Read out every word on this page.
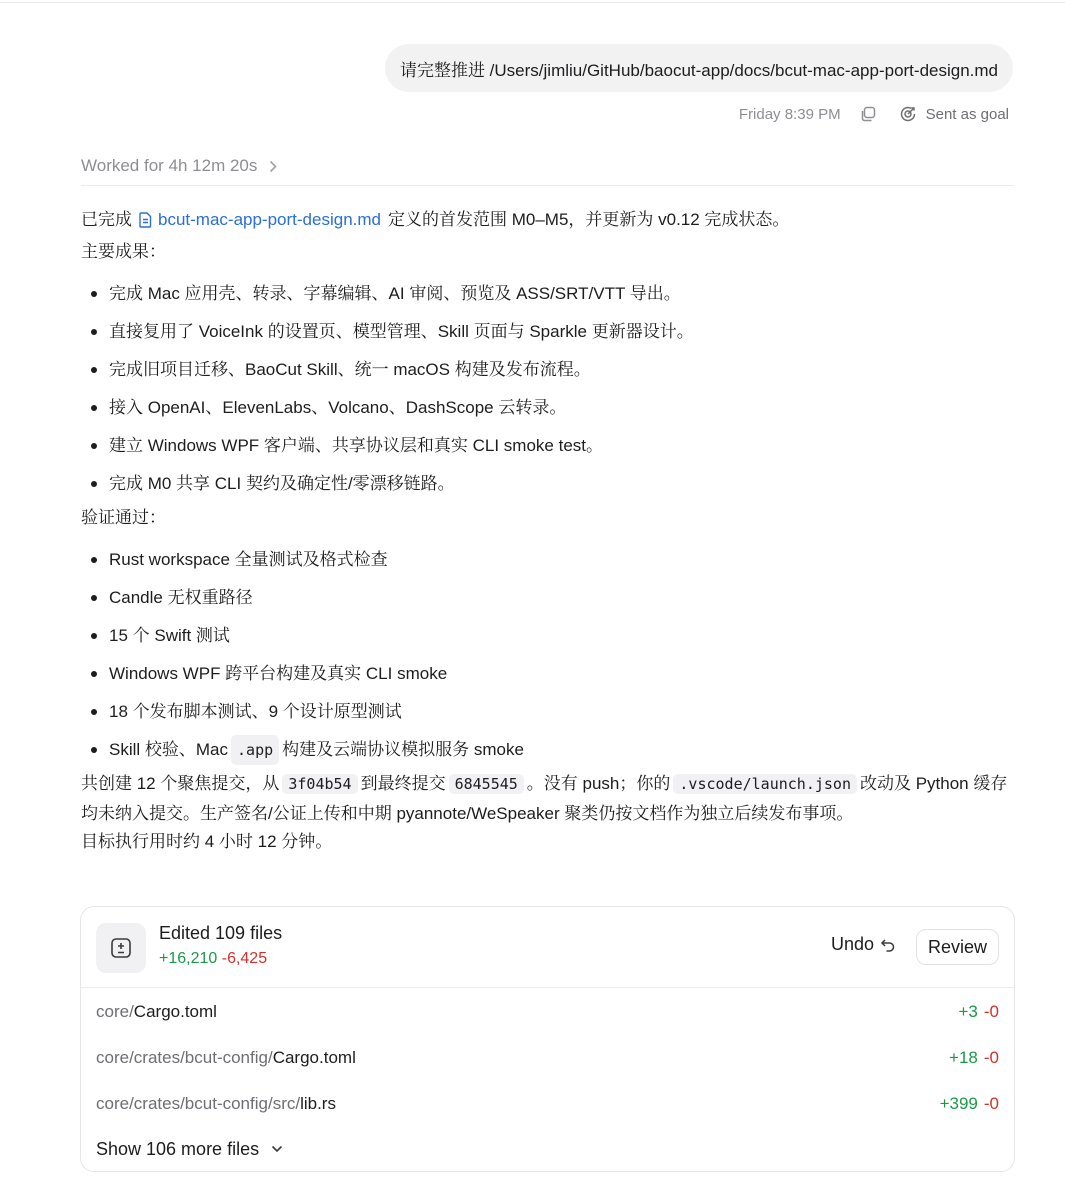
请完整推进 /Users/jimliu/GitHub/baocut-app/docs/bcut-mac-app-port-design.md
Friday 8:39 PM	Sent as goal
Worked for 4h 12m 20s

已完成 bcut-mac-app-port-design.md 定义的首发范围 M0–M5，并更新为 v0.12 完成状态。

主要成果：

完成 Mac 应用壳、转录、字幕编辑、AI 审阅、预览及 ASS/SRT/VTT 导出。
直接复用了 VoiceInk 的设置页、模型管理、Skill 页面与 Sparkle 更新器设计。
完成旧项目迁移、BaoCut Skill、统一 macOS 构建及发布流程。
接入 OpenAI、ElevenLabs、Volcano、DashScope 云转录。
建立 Windows WPF 客户端、共享协议层和真实 CLI smoke test。
完成 M0 共享 CLI 契约及确定性/零漂移链路。

验证通过：

Rust workspace 全量测试及格式检查
Candle 无权重路径
15 个 Swift 测试
Windows WPF 跨平台构建及真实 CLI smoke
18 个发布脚本测试、9 个设计原型测试
Skill 校验、Mac .app 构建及云端协议模拟服务 smoke

共创建 12 个聚焦提交，从 3f04b54 到最终提交 6845545 。没有 push；你的 .vscode/launch.json 改动及 Python 缓存均未纳入提交。生产签名/公证上传和中期 pyannote/WeSpeaker 聚类仍按文档作为独立后续发布事项。

目标执行用时约 4 小时 12 分钟。

Edited 109 files
+16,210 -6,425
Undo	Review
core/ Cargo.toml	+3 -0
core/crates/bcut-config/ Cargo.toml	+18 -0
core/crates/bcut-config/src/ lib.rs	+399 -0
Show 106 more files
